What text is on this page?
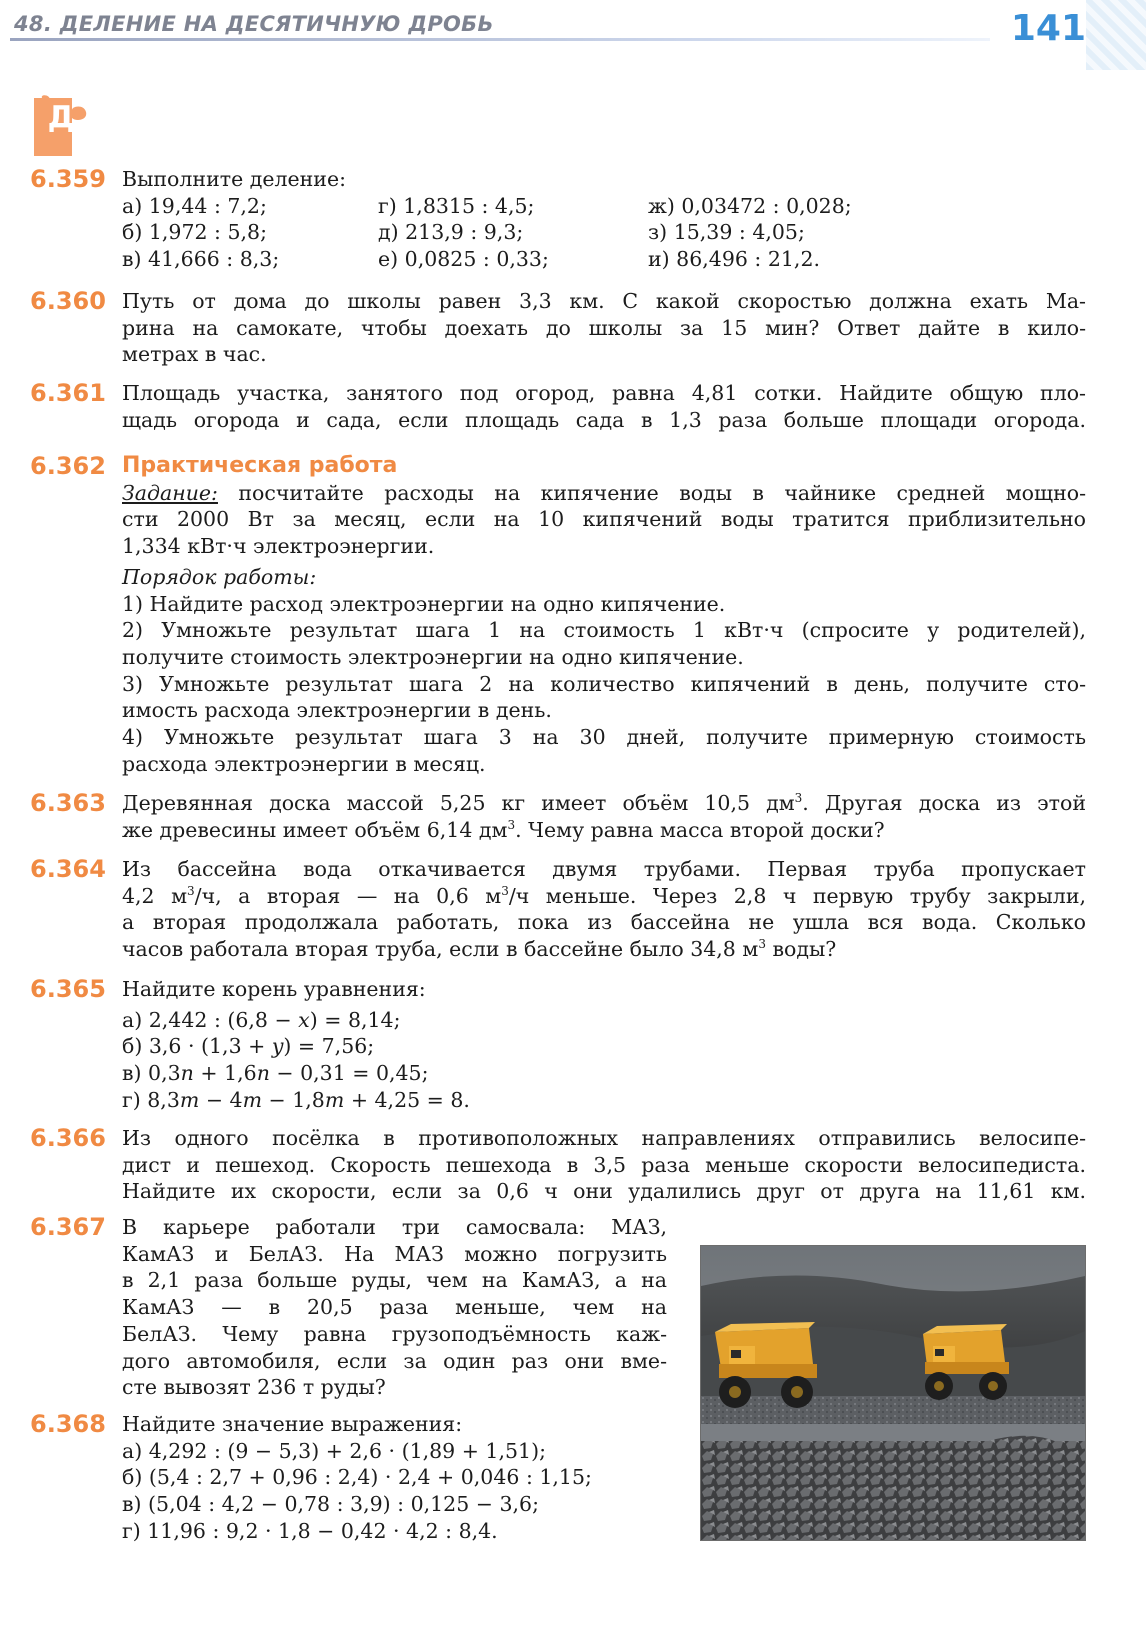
48. ДЕЛЕНИЕ НА ДЕСЯТИЧНУЮ ДРОБЬ	141
Д
6.359 Выполните деление:
а) 19,44 : 7,2;	г) 1,8315 : 4,5;	ж) 0,03472 : 0,028;
б) 1,972 : 5,8;	д) 213,9 : 9,3;	з) 15,39 : 4,05;
в) 41,666 : 8,3;	е) 0,0825 : 0,33;	и) 86,496 : 21,2.
6.360 Путь от дома до школы равен 3,3 км. С какой скоростью должна ехать Ма-
рина на самокате, чтобы доехать до школы за 15 мин? Ответ дайте в кило-
метрах в час.
6.361 Площадь участка, занятого под огород, равна 4,81 сотки. Найдите общую пло-
щадь огорода и сада, если площадь сада в 1,3 раза больше площади огорода.
6.362 Практическая работа
Задание: посчитайте расходы на кипячение воды в чайнике средней мощно-
сти 2000 Вт за месяц, если на 10 кипячений воды тратится приблизительно
1,334 кВт·ч электроэнергии.
Порядок работы:
1) Найдите расход электроэнергии на одно кипячение.
2) Умножьте результат шага 1 на стоимость 1 кВт·ч (спросите у родителей),
получите стоимость электроэнергии на одно кипячение.
3) Умножьте результат шага 2 на количество кипячений в день, получите сто-
имость расхода электроэнергии в день.
4) Умножьте результат шага 3 на 30 дней, получите примерную стоимость
расхода электроэнергии в месяц.
6.363 Деревянная доска массой 5,25 кг имеет объём 10,5 $дм^3$. Другая доска из этой
же древесины имеет объём 6,14 $дм^3$. Чему равна масса второй доски?
6.364 Из бассейна вода откачивается двумя трубами. Первая труба пропускает
4,2 $м^3/ч$, а вторая — на 0,6 $м^3/ч$ меньше. Через 2,8 ч первую трубу закрыли,
а вторая продолжала работать, пока из бассейна не ушла вся вода. Сколько
часов работала вторая труба, если в бассейне было 34,8 $м^3$ воды?
6.365 Найдите корень уравнения:
а) 2,442 : (6,8 − x) = 8,14;
б) 3,6 · (1,3 + y) = 7,56;
в) 0,3n + 1,6n − 0,31 = 0,45;
г) 8,3m − 4m − 1,8m + 4,25 = 8.
6.366 Из одного посёлка в противоположных направлениях отправились велосипе-
дист и пешеход. Скорость пешехода в 3,5 раза меньше скорости велосипедиста.
Найдите их скорости, если за 0,6 ч они удалились друг от друга на 11,61 км.
6.367 В карьере работали три самосвала: МАЗ,
КамАЗ и БелАЗ. На МАЗ можно погрузить
в 2,1 раза больше руды, чем на КамАЗ, а на
КамАЗ — в 20,5 раза меньше, чем на
БелАЗ. Чему равна грузоподъёмность каж-
дого автомобиля, если за один раз они вме-
сте вывозят 236 т руды?
6.368 Найдите значение выражения:
а) 4,292 : (9 − 5,3) + 2,6 · (1,89 + 1,51);
б) (5,4 : 2,7 + 0,96 : 2,4) · 2,4 + 0,046 : 1,15;
в) (5,04 : 4,2 − 0,78 : 3,9) : 0,125 − 3,6;
г) 11,96 : 9,2 · 1,8 − 0,42 · 4,2 : 8,4.
